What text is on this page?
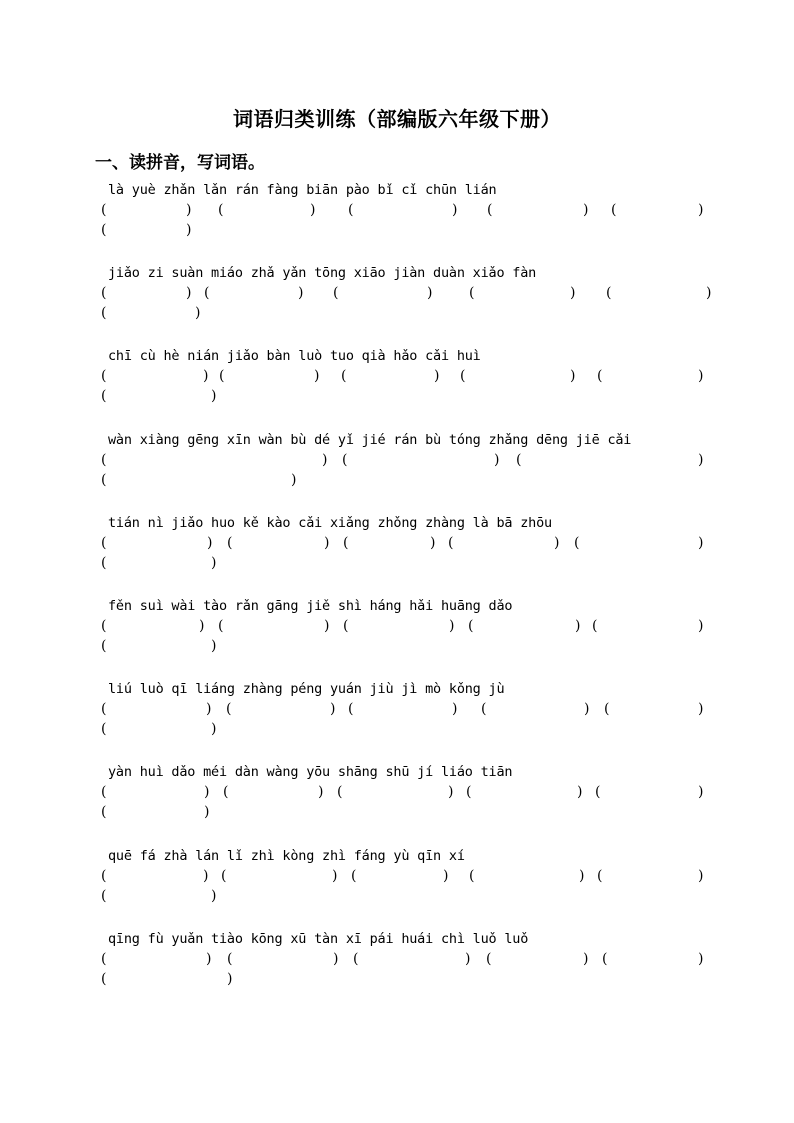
词语归类训练（部编版六年级下册）
一、读拼音，写词语。
là yuè zhǎn lǎn rán fàng biān pào bǐ cǐ chūn lián
(	) (	) (	) (	) (	)
(	)
jiǎo zi suàn miáo zhǎ yǎn tōng xiāo jiàn duàn xiǎo fàn
(	) (	) (	)	(	) (	)
(	)
chī cù hè nián jiǎo bàn luò tuo qià hǎo cǎi huì
(	) (	) (	) (	) (	)
(	)
wàn xiàng gēng xīn wàn bù dé yǐ jié rán bù tóng zhǎng dēng jiē cǎi
(	) (	) (	)
(	)
tián nì jiǎo huo kě kào cǎi xiǎng zhǒng zhàng là bā zhōu
(	) (	) (	) (	) (	)
(	)
fěn suì wài tào rǎn gāng jiě shì háng hǎi huāng dǎo
(	) (	) (	) (	) (	)
(	)
liú luò qī liáng zhàng péng yuán jiù jì mò kǒng jù
(	) (	) (	) (	) (	)
(	)
yàn huì dǎo méi dàn wàng yōu shāng shū jí liáo tiān
(	) (	) (	) (	) (	)
(	)
quē fá zhà lán lǐ zhì kòng zhì fáng yù qīn xí
(	) (	) (	) (	) (	)
(	)
qīng fù yuǎn tiào kōng xū tàn xī pái huái chì luǒ luǒ
(	) (	) (	) (	) (	)
(	)
